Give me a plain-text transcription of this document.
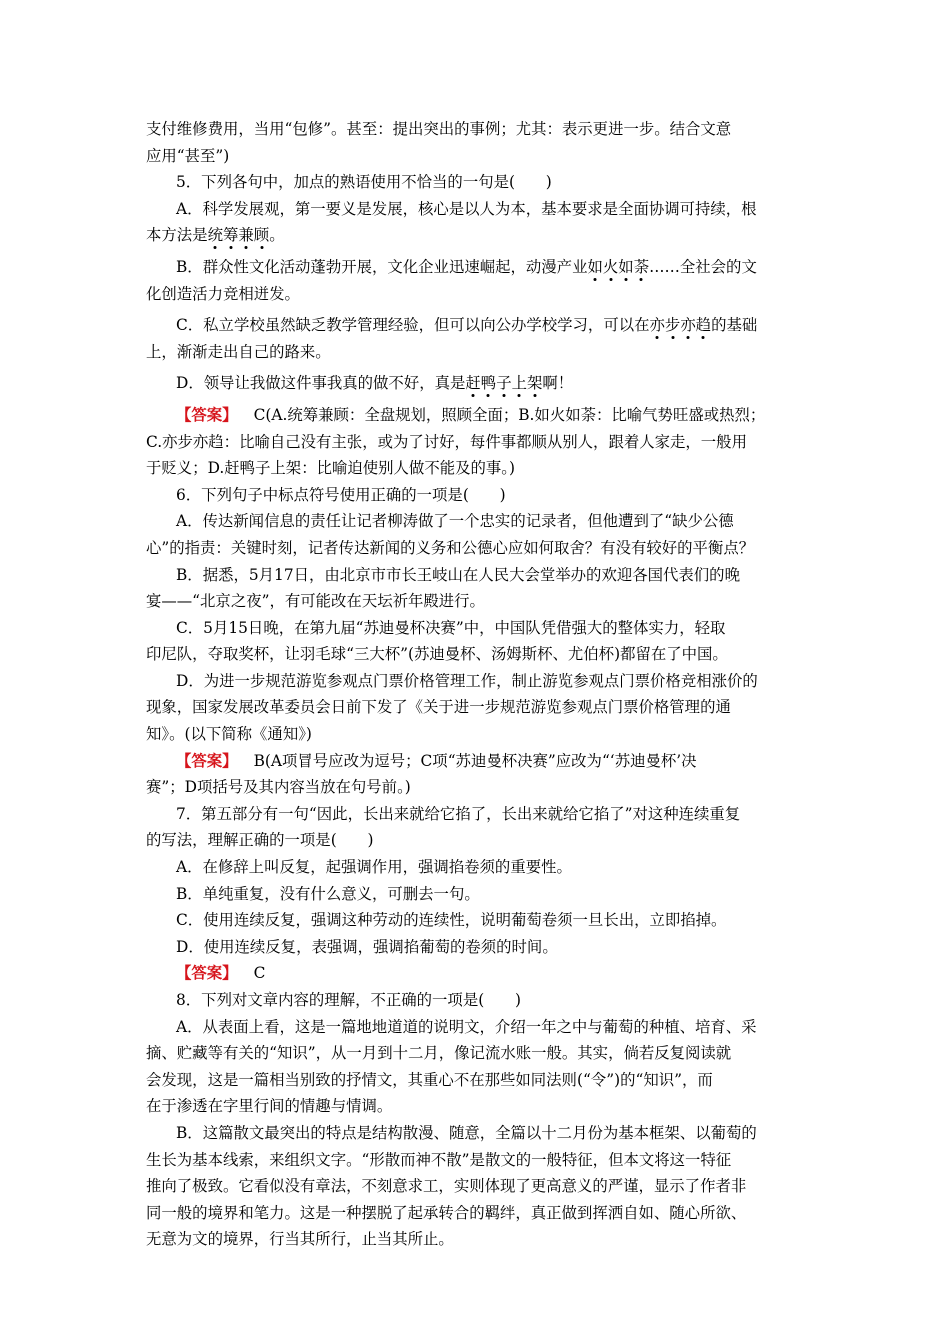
支付维修费用，当用“包修”。甚至：提出突出的事例；尤其：表示更进一步。结合文意

应用“甚至”)

5．下列各句中，加点的熟语使用不恰当的一句是(　　)

A．科学发展观，第一要义是发展，核心是以人为本，基本要求是全面协调可持续，根

本方法是统筹兼顾。

B．群众性文化活动蓬勃开展，文化企业迅速崛起，动漫产业如火如荼……全社会的文

化创造活力竞相迸发。

C．私立学校虽然缺乏教学管理经验，但可以向公办学校学习，可以在亦步亦趋的基础

上，渐渐走出自己的路来。

D．领导让我做这件事我真的做不好，真是赶鸭子上架啊！

【答案】 C(A.统筹兼顾：全盘规划，照顾全面；B.如火如荼：比喻气势旺盛或热烈；

C.亦步亦趋：比喻自己没有主张，或为了讨好，每件事都顺从别人，跟着人家走，一般用

于贬义；D.赶鸭子上架：比喻迫使别人做不能及的事。)

6．下列句子中标点符号使用正确的一项是(　　)

A．传达新闻信息的责任让记者柳涛做了一个忠实的记录者，但他遭到了“缺少公德

心”的指责：关键时刻，记者传达新闻的义务和公德心应如何取舍？有没有较好的平衡点？

B．据悉，5月17日，由北京市市长王岐山在人民大会堂举办的欢迎各国代表们的晚

宴——“北京之夜”，有可能改在天坛祈年殿进行。

C．5月15日晚，在第九届“苏迪曼杯决赛”中，中国队凭借强大的整体实力，轻取

印尼队，夺取奖杯，让羽毛球“三大杯”(苏迪曼杯、汤姆斯杯、尤伯杯)都留在了中国。

D．为进一步规范游览参观点门票价格管理工作，制止游览参观点门票价格竞相涨价的

现象，国家发展改革委员会日前下发了《关于进一步规范游览参观点门票价格管理的通

知》。(以下简称《通知》)

【答案】 B(A项冒号应改为逗号；C项“苏迪曼杯决赛”应改为“‘苏迪曼杯’决

赛”；D项括号及其内容当放在句号前。)

7．第五部分有一句“因此，长出来就给它掐了，长出来就给它掐了”对这种连续重复

的写法，理解正确的一项是(　　)

A．在修辞上叫反复，起强调作用，强调掐卷须的重要性。

B．单纯重复，没有什么意义，可删去一句。

C．使用连续反复，强调这种劳动的连续性，说明葡萄卷须一旦长出，立即掐掉。

D．使用连续反复，表强调，强调掐葡萄的卷须的时间。

【答案】 C

8．下列对文章内容的理解，不正确的一项是(　　)

A．从表面上看，这是一篇地地道道的说明文，介绍一年之中与葡萄的种植、培育、采

摘、贮藏等有关的“知识”，从一月到十二月，像记流水账一般。其实，倘若反复阅读就

会发现，这是一篇相当别致的抒情文，其重心不在那些如同法则(“令”)的“知识”，而

在于渗透在字里行间的情趣与情调。

B．这篇散文最突出的特点是结构散漫、随意，全篇以十二月份为基本框架、以葡萄的

生长为基本线索，来组织文字。“形散而神不散”是散文的一般特征，但本文将这一特征

推向了极致。它看似没有章法，不刻意求工，实则体现了更高意义的严谨，显示了作者非

同一般的境界和笔力。这是一种摆脱了起承转合的羁绊，真正做到挥洒自如、随心所欲、

无意为文的境界，行当其所行，止当其所止。
